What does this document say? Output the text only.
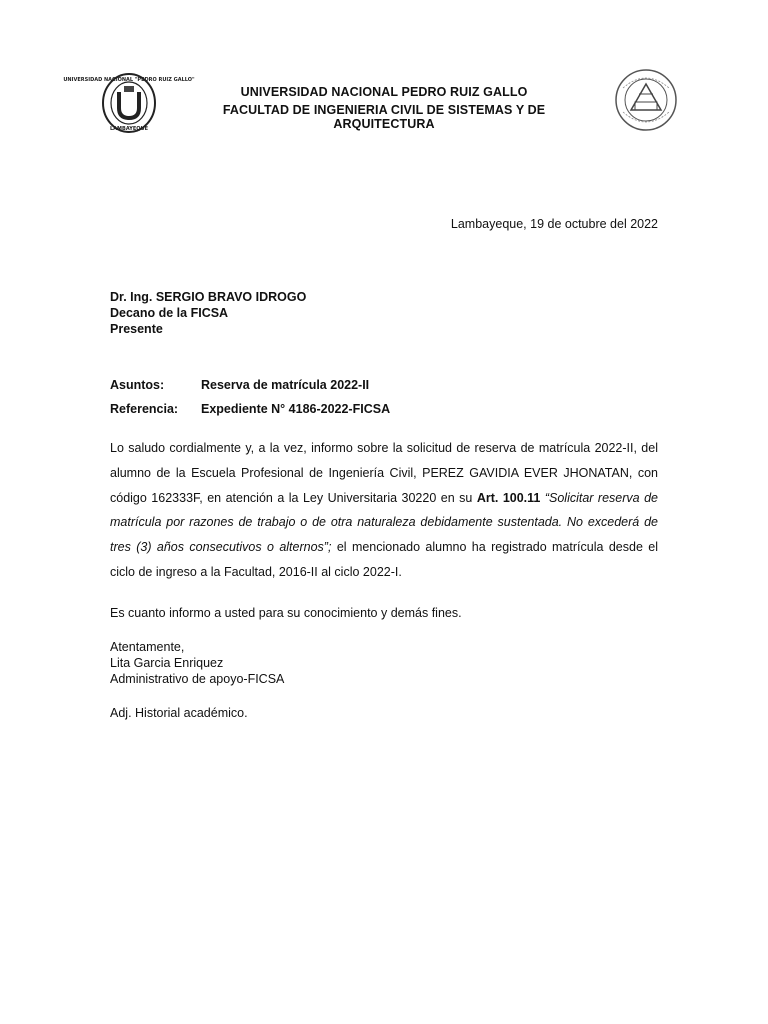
UNIVERSIDAD NACIONAL "PEDRO RUIZ GALLO"
LAMBAYEQUE
UNIVERSIDAD NACIONAL PEDRO RUIZ GALLO
FACULTAD DE INGENIERIA CIVIL DE SISTEMAS Y DE ARQUITECTURA
Lambayeque, 19 de octubre del 2022
Dr. Ing. SERGIO BRAVO IDROGO
Decano de la FICSA
Presente
Asuntos:	Reserva de matrícula 2022-II
Referencia:	Expediente N° 4186-2022-FICSA
Lo saludo cordialmente y, a la vez, informo sobre la solicitud de reserva de matrícula 2022-II, del alumno de la Escuela Profesional de Ingeniería Civil, PEREZ GAVIDIA EVER JHONATAN, con código 162333F, en atención a la Ley Universitaria 30220 en su Art. 100.11 “Solicitar reserva de matrícula por razones de trabajo o de otra naturaleza debidamente sustentada. No excederá de tres (3) años consecutivos o alternos”; el mencionado alumno ha registrado matrícula desde el ciclo de ingreso a la Facultad, 2016-II al ciclo 2022-I.
Es cuanto informo a usted para su conocimiento y demás fines.
Atentamente,
Lita Garcia Enriquez
Administrativo de apoyo-FICSA
Adj. Historial académico.
